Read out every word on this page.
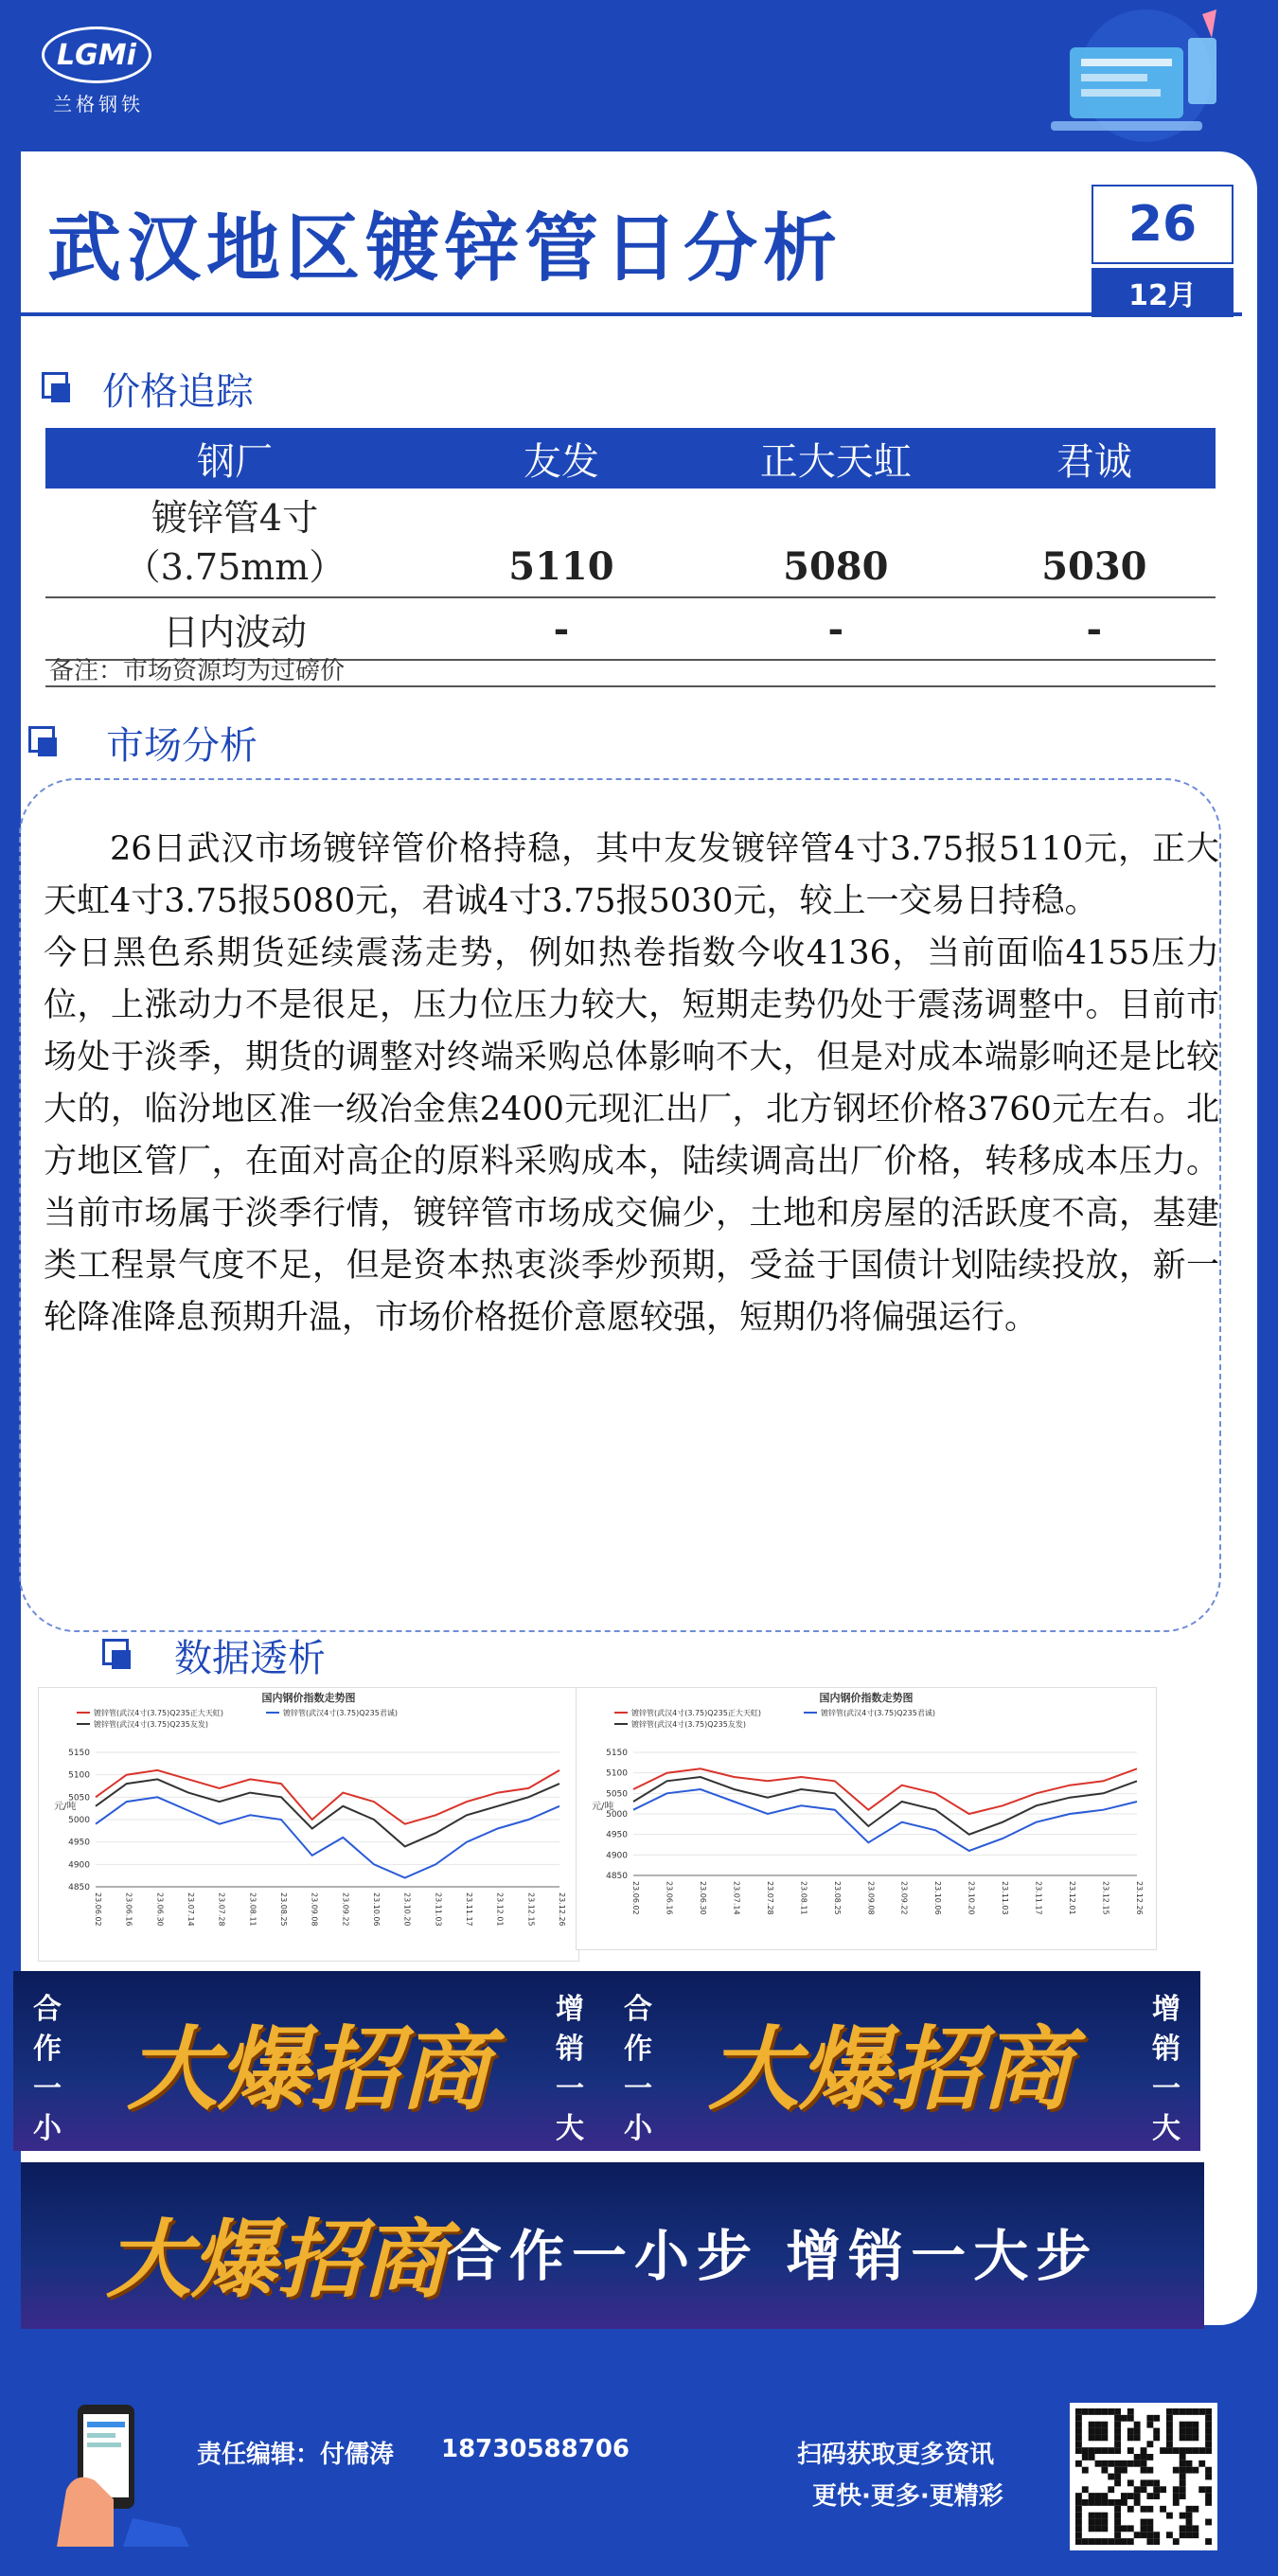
LGMi
兰格钢铁
武汉地区镀锌管日分析	26
12月
价格追踪
钢厂	友发	正大天虹	君诚

镀锌管4寸
（3.75mm）	5110	5080	5030
日内波动	-	-	-
备注：市场资源均为过磅价
市场分析

26日武汉市场镀锌管价格持稳，其中友发镀锌管4寸3.75报5110元，正大天虹4寸3.75报5080元，君诚4寸3.75报5030元，较上一交易日持稳。

今日黑色系期货延续震荡走势，例如热卷指数今收4136，当前面临4155压力位，上涨动力不是很足，压力位压力较大，短期走势仍处于震荡调整中。目前市场处于淡季，期货的调整对终端采购总体影响不大，但是对成本端影响还是比较大的，临汾地区准一级冶金焦2400元现汇出厂，北方钢坯价格3760元左右。北方地区管厂，在面对高企的原料采购成本，陆续调高出厂价格，转移成本压力。当前市场属于淡季行情，镀锌管市场成交偏少，土地和房屋的活跃度不高，基建类工程景气度不足，但是资本热衷淡季炒预期，受益于国债计划陆续投放，新一轮降准降息预期升温，市场价格挺价意愿较强，短期仍将偏强运行。

数据透析
国内钢价指数走势图
镀锌管(武汉4寸(3.75)Q235正大天虹)	镀锌管(武汉4寸(3.75)Q235君诚)
镀锌管(武汉4寸(3.75)Q235友发)
元/吨
5150
5100
5050
5000
4950
4900
4850
23.06.02	23.06.16	23.06.30	23.07.14	23.07.28	23.08.11	23.08.25	23.09.08	23.09.22	23.10.06	23.10.20	23.11.03	23.11.17	23.12.01	23.12.15	23.12.26
国内钢价指数走势图
镀锌管(武汉4寸(3.75)Q235正大天虹)	镀锌管(武汉4寸(3.75)Q235君诚)
镀锌管(武汉4寸(3.75)Q235友发)
元/吨
5150
5100
5050
5000
4950
4900
4850
23.06.02	23.06.16	23.06.30	23.07.14	23.07.28	23.08.11	23.08.25	23.09.08	23.09.22	23.10.06	23.10.20	23.11.03	23.11.17	23.12.01	23.12.15	23.12.26
合作一小
大爆招商
增销一大
合作一小
大爆招商
增销一大
大爆招商 合作一小步 增销一大步
责任编辑：付儒涛 18730588706	扫码获取更多资讯
更快·更多·更精彩
